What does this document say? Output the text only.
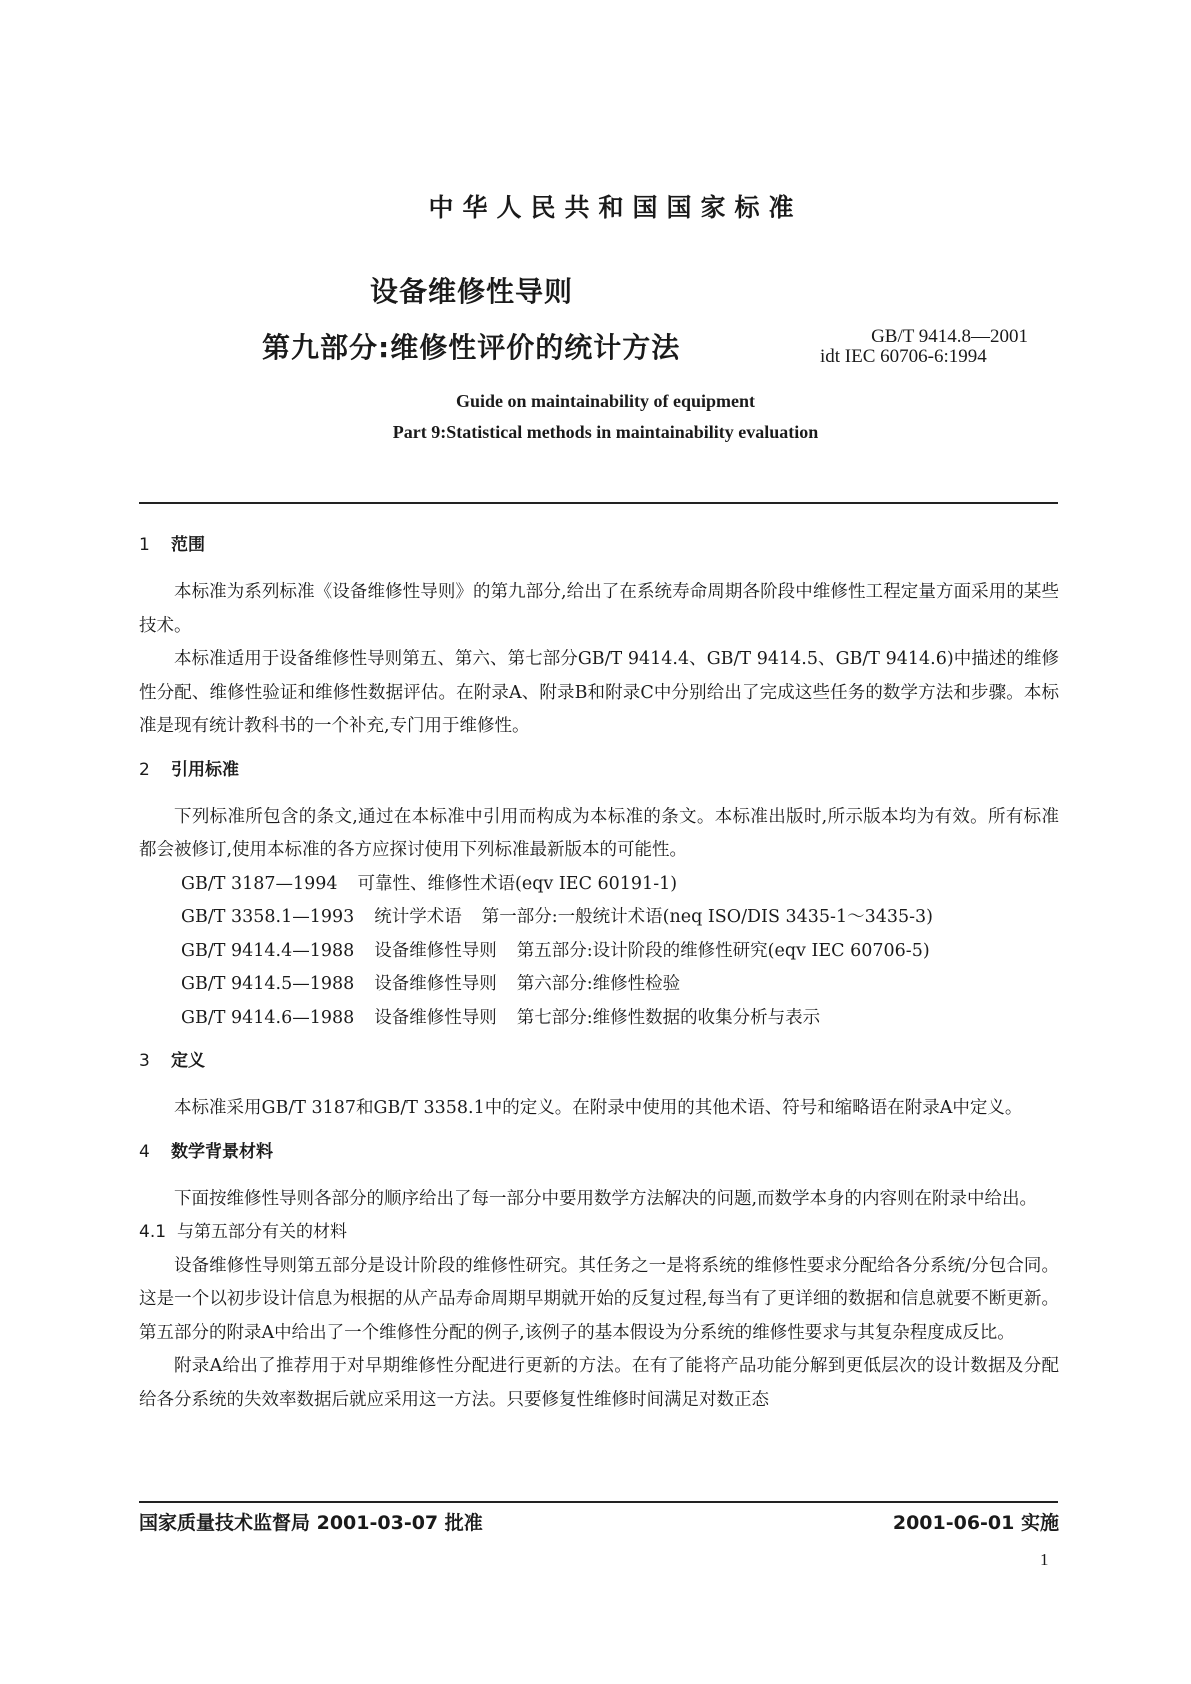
中华人民共和国国家标准
设备维修性导则
第九部分:维修性评价的统计方法	GB/T 9414.8—2001
idt IEC 60706-6:1994
Guide on maintainability of equipment
Part 9:Statistical methods in maintainability evaluation
1 范围

本标准为系列标准《设备维修性导则》的第九部分,给出了在系统寿命周期各阶段中维修性工程定量方面采用的某些技术。

本标准适用于设备维修性导则第五、第六、第七部分GB/T 9414.4、GB/T 9414.5、GB/T 9414.6)中描述的维修性分配、维修性验证和维修性数据评估。在附录A、附录B和附录C中分别给出了完成这些任务的数学方法和步骤。本标准是现有统计教科书的一个补充,专门用于维修性。

2 引用标准

下列标准所包含的条文,通过在本标准中引用而构成为本标准的条文。本标准出版时,所示版本均为有效。所有标准都会被修订,使用本标准的各方应探讨使用下列标准最新版本的可能性。

GB/T 3187—1994 可靠性、维修性术语(eqv IEC 60191-1)

GB/T 3358.1—1993 统计学术语 第一部分:一般统计术语(neq ISO/DIS 3435-1～3435-3)

GB/T 9414.4—1988 设备维修性导则 第五部分:设计阶段的维修性研究(eqv IEC 60706-5)

GB/T 9414.5—1988 设备维修性导则 第六部分:维修性检验

GB/T 9414.6—1988 设备维修性导则 第七部分:维修性数据的收集分析与表示

3 定义

本标准采用GB/T 3187和GB/T 3358.1中的定义。在附录中使用的其他术语、符号和缩略语在附录A中定义。

4 数学背景材料

下面按维修性导则各部分的顺序给出了每一部分中要用数学方法解决的问题,而数学本身的内容则在附录中给出。

4.1 与第五部分有关的材料

设备维修性导则第五部分是设计阶段的维修性研究。其任务之一是将系统的维修性要求分配给各分系统/分包合同。这是一个以初步设计信息为根据的从产品寿命周期早期就开始的反复过程,每当有了更详细的数据和信息就要不断更新。第五部分的附录A中给出了一个维修性分配的例子,该例子的基本假设为分系统的维修性要求与其复杂程度成反比。

附录A给出了推荐用于对早期维修性分配进行更新的方法。在有了能将产品功能分解到更低层次的设计数据及分配给各分系统的失效率数据后就应采用这一方法。只要修复性维修时间满足对数正态

国家质量技术监督局 2001-03-07 批准	2001-06-01 实施
1
